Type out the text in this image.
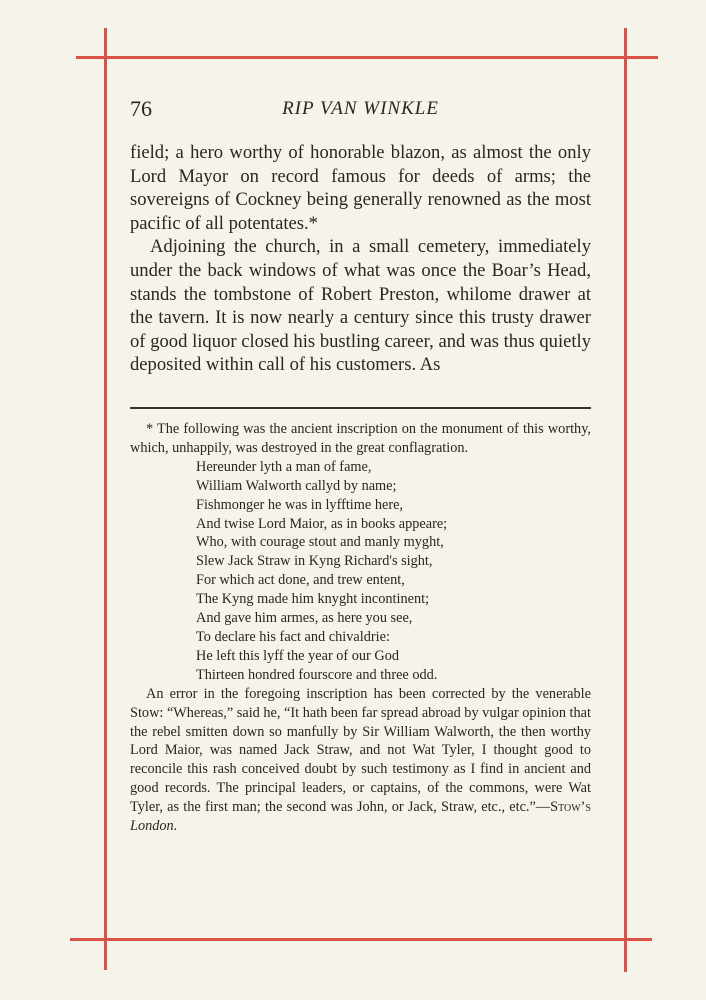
76	RIP VAN WINKLE

field; a hero worthy of honorable blazon, as almost the only Lord Mayor on record famous for deeds of arms; the sovereigns of Cockney being generally renowned as the most pacific of all potentates.*

Adjoining the church, in a small cemetery, immediately under the back windows of what was once the Boar’s Head, stands the tombstone of Robert Preston, whilome drawer at the tavern. It is now nearly a century since this trusty drawer of good liquor closed his bustling career, and was thus quietly deposited within call of his customers. As

* The following was the ancient inscription on the monument of this worthy, which, unhappily, was destroyed in the great conflagration.

Hereunder lyth a man of fame,
William Walworth callyd by name;
Fishmonger he was in lyfftime here,
And twise Lord Maior, as in books appeare;
Who, with courage stout and manly myght,
Slew Jack Straw in Kyng Richard's sight,
For which act done, and trew entent,
The Kyng made him knyght incontinent;
And gave him armes, as here you see,
To declare his fact and chivaldrie:
He left this lyff the year of our God
Thirteen hondred fourscore and three odd.

An error in the foregoing inscription has been corrected by the venerable Stow: “Whereas,” said he, “It hath been far spread abroad by vulgar opinion that the rebel smitten down so manfully by Sir William Walworth, the then worthy Lord Maior, was named Jack Straw, and not Wat Tyler, I thought good to reconcile this rash conceived doubt by such testimony as I find in ancient and good records. The principal leaders, or captains, of the commons, were Wat Tyler, as the first man; the second was John, or Jack, Straw, etc., etc.”—Stow’s London.
